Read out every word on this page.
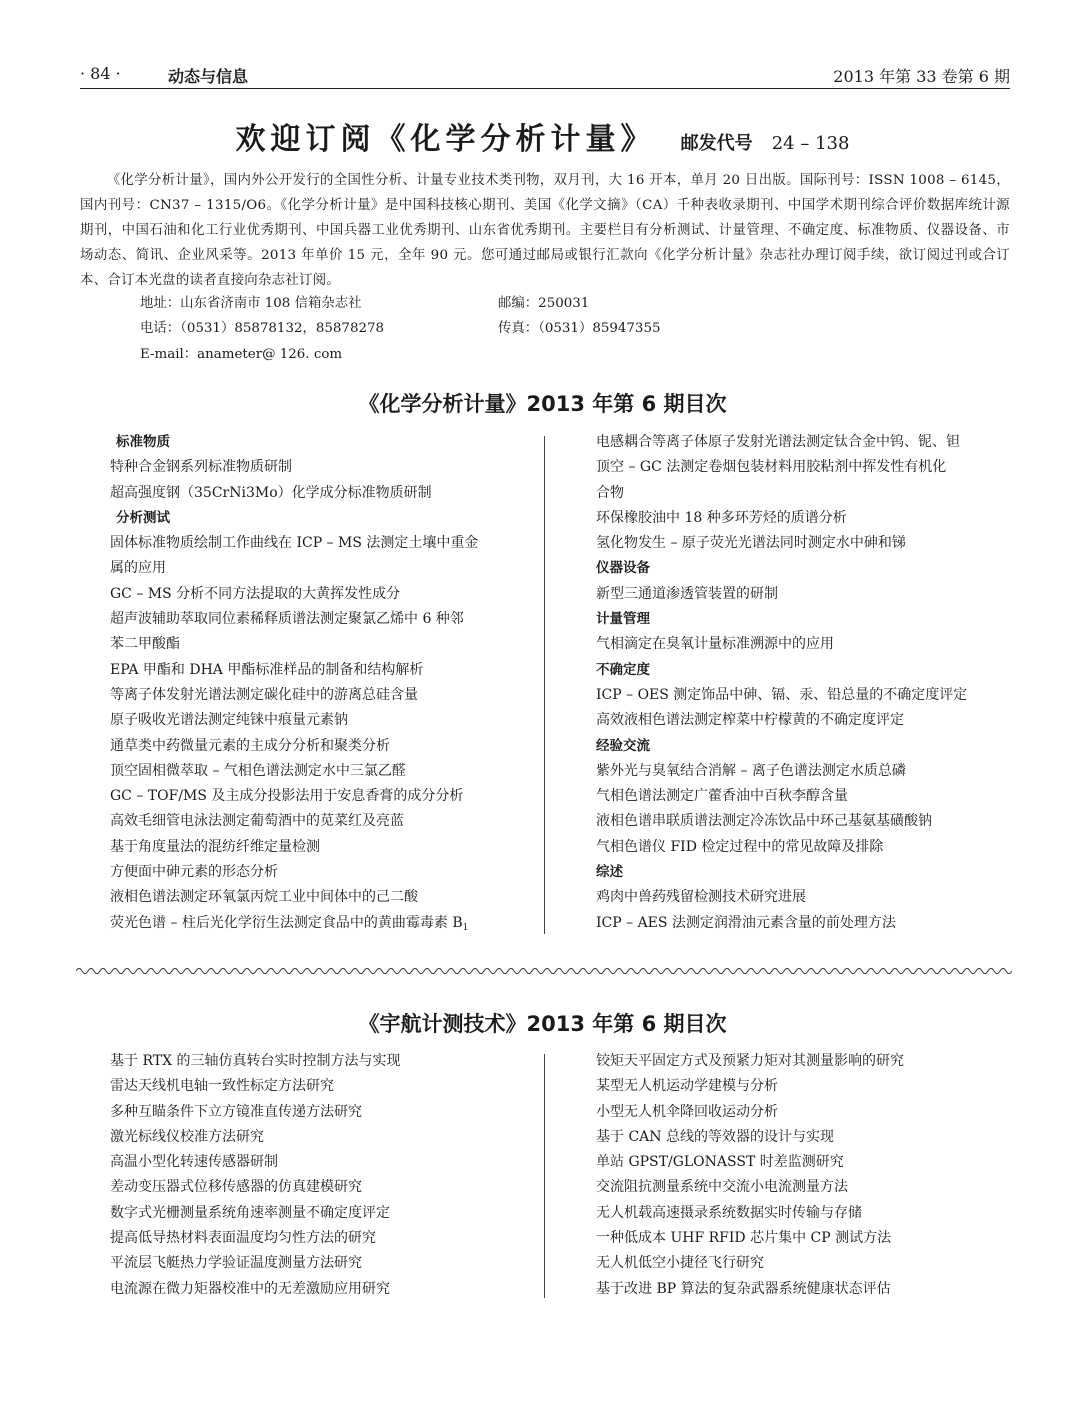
· 84 ·	动态与信息	2013 年第 33 卷第 6 期
欢迎订阅《化学分析计量》 邮发代号 24 – 138
《化学分析计量》，国内外公开发行的全国性分析、计量专业技术类刊物，双月刊，大 16 开本，单月 20 日出版。国际刊号：ISSN 1008 – 6145，国内刊号：CN37 – 1315/O6。《化学分析计量》是中国科技核心期刊、美国《化学文摘》（CA）千种表收录期刊、中国学术期刊综合评价数据库统计源期刊，中国石油和化工行业优秀期刊、中国兵器工业优秀期刊、山东省优秀期刊。主要栏目有分析测试、计量管理、不确定度、标准物质、仪器设备、市场动态、简讯、企业风采等。2013 年单价 15 元，全年 90 元。您可通过邮局或银行汇款向《化学分析计量》杂志社办理订阅手续，欲订阅过刊或合订本、合订本光盘的读者直接向杂志社订阅。
地址：山东省济南市 108 信箱杂志社	邮编：250031
电话：（0531）85878132，85878278	传真：（0531）85947355
E-mail：anameter@ 126. com
《化学分析计量》2013 年第 6 期目次
标准物质
特种合金钢系列标准物质研制
超高强度钢（35CrNi3Mo）化学成分标准物质研制
分析测试
固体标准物质绘制工作曲线在 ICP – MS 法测定土壤中重金
属的应用
GC – MS 分析不同方法提取的大黄挥发性成分
超声波辅助萃取同位素稀释质谱法测定聚氯乙烯中 6 种邻
苯二甲酸酯
EPA 甲酯和 DHA 甲酯标准样品的制备和结构解析
等离子体发射光谱法测定碳化硅中的游离总硅含量
原子吸收光谱法测定纯铼中痕量元素钠
通草类中药微量元素的主成分分析和聚类分析
顶空固相微萃取 – 气相色谱法测定水中三氯乙醛
GC – TOF/MS 及主成分投影法用于安息香膏的成分分析
高效毛细管电泳法测定葡萄酒中的苋菜红及亮蓝
基于角度量法的混纺纤维定量检测
方便面中砷元素的形态分析
液相色谱法测定环氧氯丙烷工业中间体中的己二酸
荧光色谱 – 柱后光化学衍生法测定食品中的黄曲霉毒素 $B_1$
电感耦合等离子体原子发射光谱法测定钛合金中钨、铌、钽
顶空 – GC 法测定卷烟包装材料用胶粘剂中挥发性有机化
合物
环保橡胶油中 18 种多环芳烃的质谱分析
氢化物发生 – 原子荧光光谱法同时测定水中砷和锑
仪器设备
新型三通道渗透管装置的研制
计量管理
气相滴定在臭氧计量标准溯源中的应用
不确定度
ICP – OES 测定饰品中砷、镉、汞、铅总量的不确定度评定
高效液相色谱法测定榨菜中柠檬黄的不确定度评定
经验交流
紫外光与臭氧结合消解 – 离子色谱法测定水质总磷
气相色谱法测定广藿香油中百秋李醇含量
液相色谱串联质谱法测定冷冻饮品中环己基氨基磺酸钠
气相色谱仪 FID 检定过程中的常见故障及排除
综述
鸡肉中兽药残留检测技术研究进展
ICP – AES 法测定润滑油元素含量的前处理方法
《宇航计测技术》2013 年第 6 期目次
基于 RTX 的三轴仿真转台实时控制方法与实现
雷达天线机电轴一致性标定方法研究
多种互瞄条件下立方镜准直传递方法研究
激光标线仪校准方法研究
高温小型化转速传感器研制
差动变压器式位移传感器的仿真建模研究
数字式光栅测量系统角速率测量不确定度评定
提高低导热材料表面温度均匀性方法的研究
平流层飞艇热力学验证温度测量方法研究
电流源在微力矩器校准中的无差激励应用研究
铰矩天平固定方式及预紧力矩对其测量影响的研究
某型无人机运动学建模与分析
小型无人机伞降回收运动分析
基于 CAN 总线的等效器的设计与实现
单站 GPST/GLONASST 时差监测研究
交流阻抗测量系统中交流小电流测量方法
无人机载高速摄录系统数据实时传输与存储
一种低成本 UHF RFID 芯片集中 CP 测试方法
无人机低空小捷径飞行研究
基于改进 BP 算法的复杂武器系统健康状态评估
